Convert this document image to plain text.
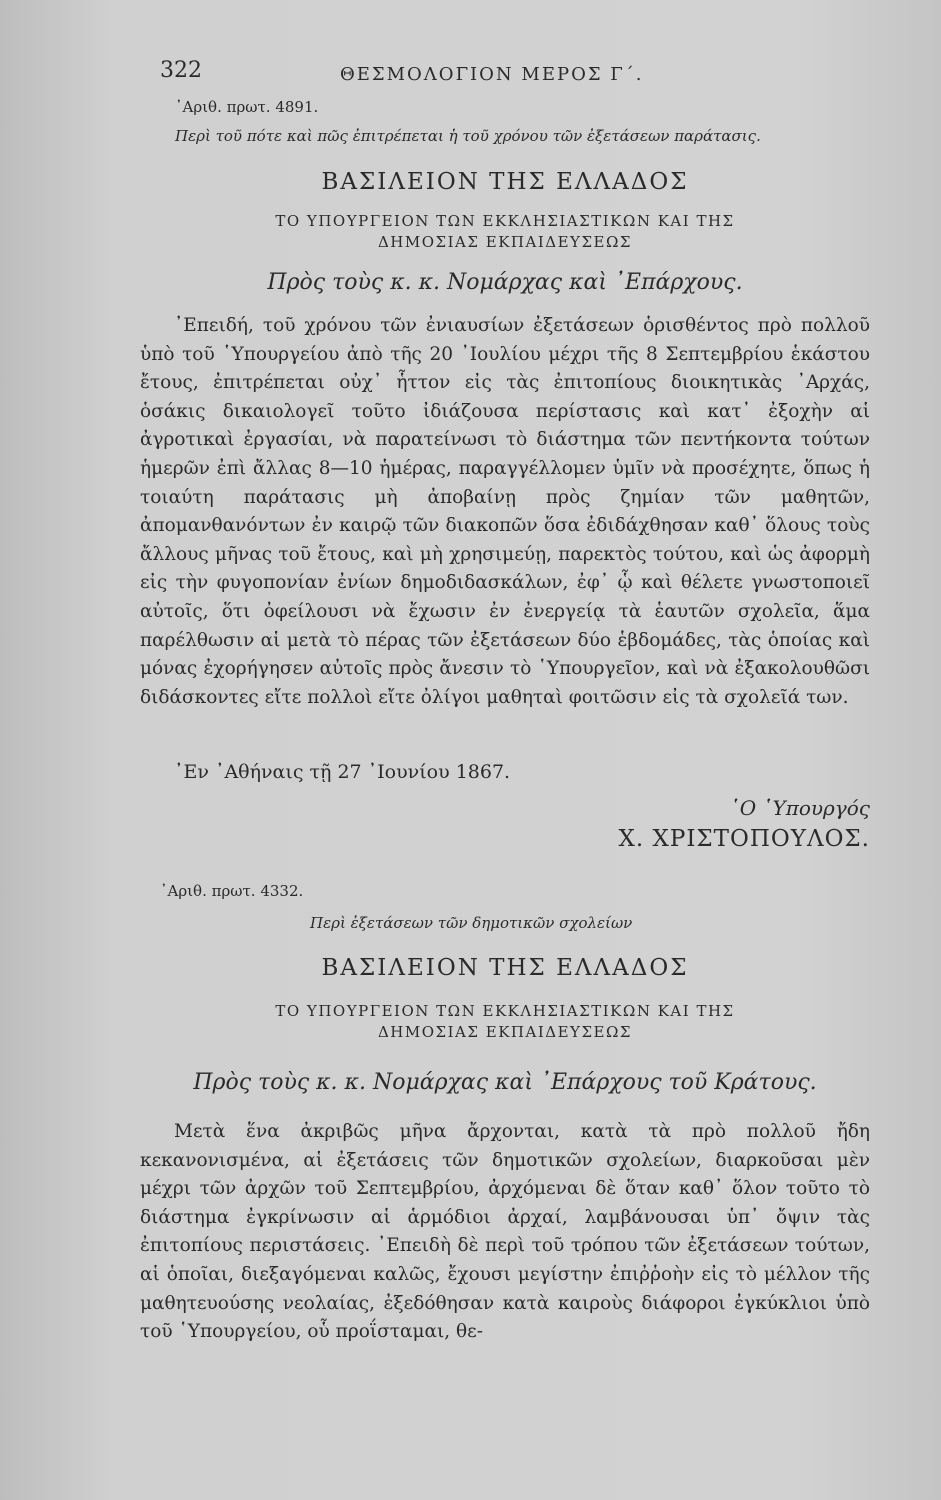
322	ΘΕΣΜΟΛΟΓΙΟΝ ΜΕΡΟΣ Γ΄.
᾿Αριθ. πρωτ. 4891.
Περὶ τοῦ πότε καὶ πῶς ἐπιτρέπεται ἡ τοῦ χρόνου τῶν ἐξετάσεων παράτασις.
ΒΑΣΙΛΕΙΟΝ ΤΗΣ ΕΛΛΑΔΟΣ
ΤΟ ΥΠΟΥΡΓΕΙΟΝ ΤΩΝ ΕΚΚΛΗΣΙΑΣΤΙΚΩΝ ΚΑΙ ΤΗΣ
ΔΗΜΟΣΙΑΣ ΕΚΠΑΙΔΕΥΣΕΩΣ
Πρὸς τοὺς κ. κ. Νομάρχας καὶ ᾿Επάρχους.
᾿Επειδή, τοῦ χρόνου τῶν ἐνιαυσίων ἐξετάσεων ὁρισθέντος πρὸ πολλοῦ ὑπὸ τοῦ ῾Υπουργείου ἀπὸ τῆς 20 ᾿Ιουλίου μέχρι τῆς 8 Σεπτεμβρίου ἑκάστου ἔτους, ἐπιτρέπεται οὐχ᾿ ἧττον εἰς τὰς ἐπιτοπίους διοικητικὰς ᾿Αρχάς, ὁσάκις δικαιολογεῖ τοῦτο ἰδιάζουσα περίστασις καὶ κατ᾿ ἐξοχὴν αἱ ἀγροτικαὶ ἐργασίαι, νὰ παρατείνωσι τὸ διάστημα τῶν πεντήκοντα τούτων ἡμερῶν ἐπὶ ἄλλας 8—10 ἡμέρας, παραγγέλλομεν ὑμῖν νὰ προσέχητε, ὅπως ἡ τοιαύτη παράτασις μὴ ἀποβαίνῃ πρὸς ζημίαν τῶν μαθητῶν, ἀπομανθανόντων ἐν καιρῷ τῶν διακοπῶν ὅσα ἐδιδάχθησαν καθ᾿ ὅλους τοὺς ἄλλους μῆνας τοῦ ἔτους, καὶ μὴ χρησιμεύῃ, παρεκτὸς τούτου, καὶ ὡς ἀφορμὴ εἰς τὴν φυγοπονίαν ἐνίων δημοδιδασκάλων, ἐφ᾿ ᾧ καὶ θέλετε γνωστοποιεῖ αὐτοῖς, ὅτι ὀφείλουσι νὰ ἔχωσιν ἐν ἐνεργείᾳ τὰ ἑαυτῶν σχολεῖα, ἅμα παρέλθωσιν αἱ μετὰ τὸ πέρας τῶν ἐξετάσεων δύο ἑβδομάδες, τὰς ὁποίας καὶ μόνας ἐχορήγησεν αὐτοῖς πρὸς ἄνεσιν τὸ ῾Υπουργεῖον, καὶ νὰ ἐξακολουθῶσι διδάσκοντες εἴτε πολλοὶ εἴτε ὀλίγοι μαθηταὶ φοιτῶσιν εἰς τὰ σχολεῖά των.
᾿Εν ᾿Αθήναις τῇ 27 ᾿Ιουνίου 1867.
῾Ο ῾Υπουργός
Χ. ΧΡΙΣΤΟΠΟΥΛΟΣ.
᾿Αριθ. πρωτ. 4332.
Περὶ ἐξετάσεων τῶν δημοτικῶν σχολείων
ΒΑΣΙΛΕΙΟΝ ΤΗΣ ΕΛΛΑΔΟΣ
ΤΟ ΥΠΟΥΡΓΕΙΟΝ ΤΩΝ ΕΚΚΛΗΣΙΑΣΤΙΚΩΝ ΚΑΙ ΤΗΣ
ΔΗΜΟΣΙΑΣ ΕΚΠΑΙΔΕΥΣΕΩΣ
Πρὸς τοὺς κ. κ. Νομάρχας καὶ ᾿Επάρχους τοῦ Κράτους.
Μετὰ ἕνα ἀκριβῶς μῆνα ἄρχονται, κατὰ τὰ πρὸ πολλοῦ ἤδη κεκανονισμένα, αἱ ἐξετάσεις τῶν δημοτικῶν σχολείων, διαρκοῦσαι μὲν μέχρι τῶν ἀρχῶν τοῦ Σεπτεμβρίου, ἀρχόμεναι δὲ ὅταν καθ᾿ ὅλον τοῦτο τὸ διάστημα ἐγκρίνωσιν αἱ ἁρμόδιοι ἀρχαί, λαμβάνουσαι ὑπ᾿ ὄψιν τὰς ἐπιτοπίους περιστάσεις. ᾿Επειδὴ δὲ περὶ τοῦ τρόπου τῶν ἐξετάσεων τούτων, αἱ ὁποῖαι, διεξαγόμεναι καλῶς, ἔχουσι μεγίστην ἐπιῤῥοὴν εἰς τὸ μέλλον τῆς μαθητευούσης νεολαίας, ἐξεδόθησαν κατὰ καιροὺς διάφοροι ἐγκύκλιοι ὑπὸ τοῦ ῾Υπουργείου, οὗ προΐσταμαι, θε-
